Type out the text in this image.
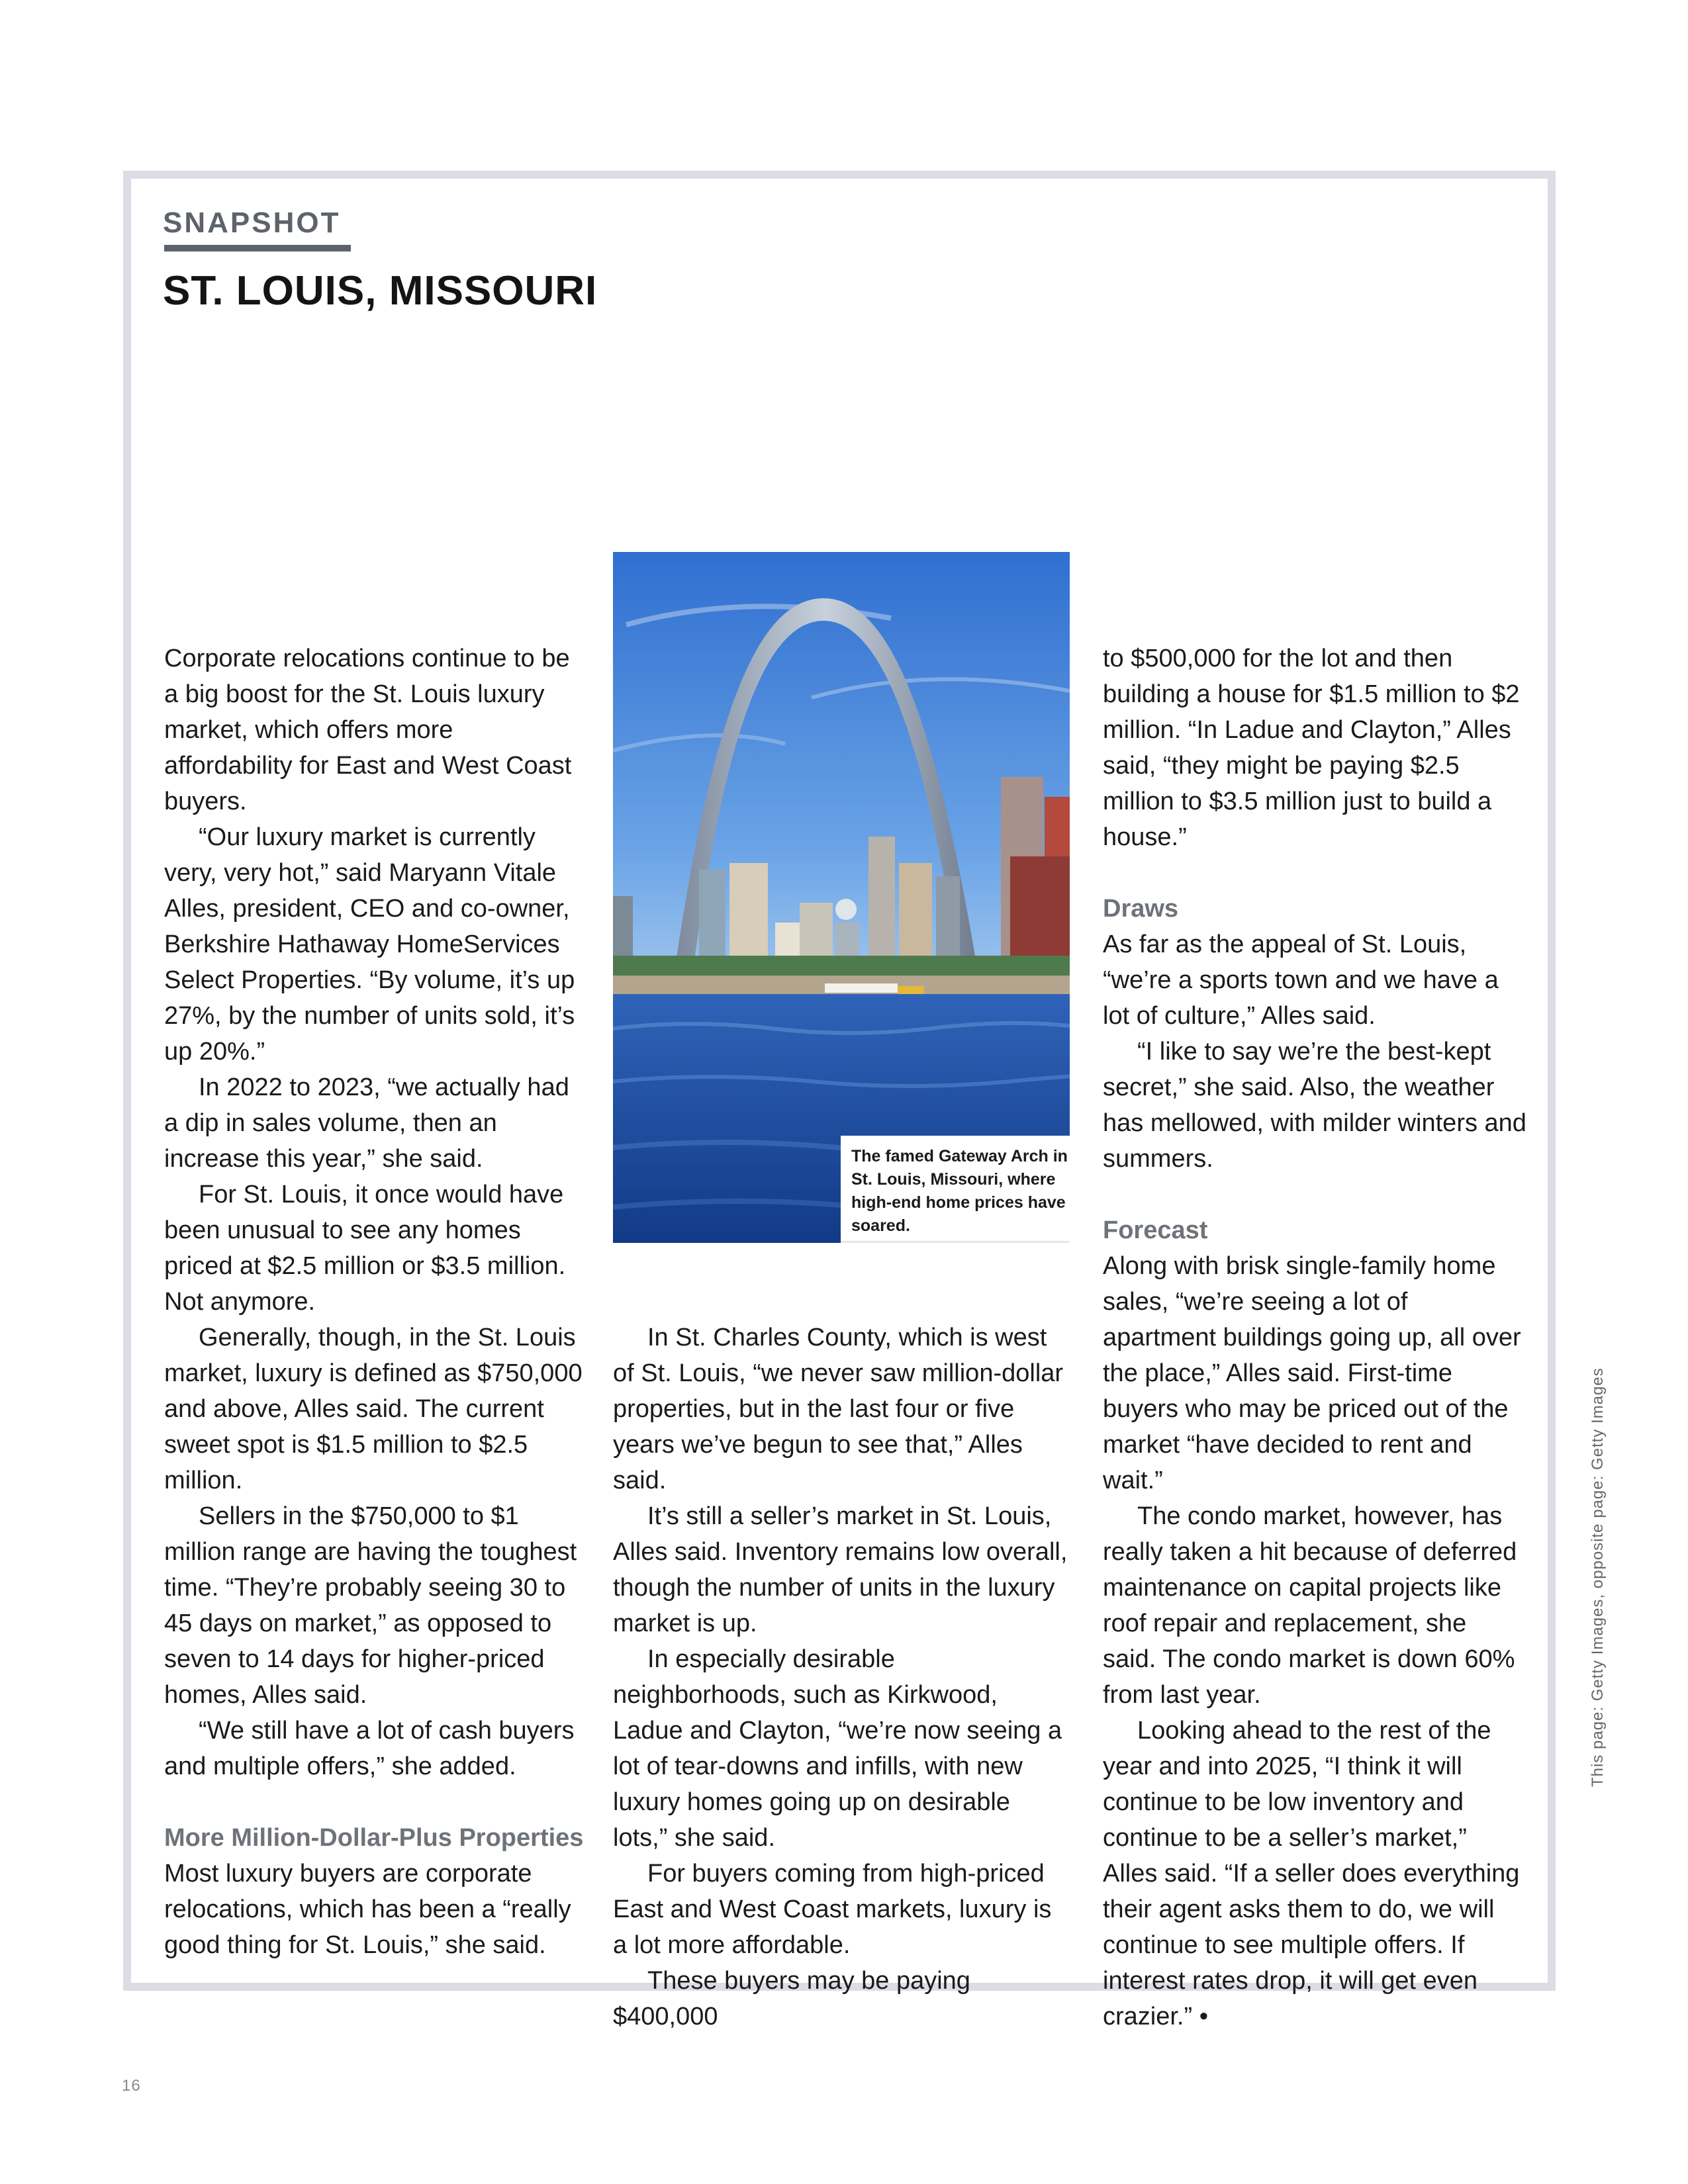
SNAPSHOT
ST. LOUIS, MISSOURI

The famed Gateway Arch in St. Louis, Missouri, where high-end home prices have soared.

Corporate relocations continue to be a big boost for the St. Louis luxury market, which offers more affordability for East and West Coast buyers.

“Our luxury market is currently very, very hot,” said Maryann Vitale Alles, president, CEO and co-owner, Berkshire Hathaway HomeServices Select Properties. “By volume, it’s up 27%, by the number of units sold, it’s up 20%.”

In 2022 to 2023, “we actually had a dip in sales volume, then an increase this year,” she said.

For St. Louis, it once would have been unusual to see any homes priced at $2.5 million or $3.5 million. Not anymore.

Generally, though, in the St. Louis market, luxury is defined as $750,000 and above, Alles said. The current sweet spot is $1.5 million to $2.5 million.

Sellers in the $750,000 to $1 million range are having the toughest time. “They’re probably seeing 30 to 45 days on market,” as opposed to seven to 14 days for higher-priced homes, Alles said.

“We still have a lot of cash buyers and multiple offers,” she added.

More Million-Dollar-Plus Properties

Most luxury buyers are corporate relocations, which has been a “really good thing for St. Louis,” she said.

In St. Charles County, which is west of St. Louis, “we never saw million-dollar properties, but in the last four or five years we’ve begun to see that,” Alles said.

It’s still a seller’s market in St. Louis, Alles said. Inventory remains low overall, though the number of units in the luxury market is up.

In especially desirable neighborhoods, such as Kirkwood, Ladue and Clayton, “we’re now seeing a lot of tear-downs and infills, with new luxury homes going up on desirable lots,” she said.

For buyers coming from high-priced East and West Coast markets, luxury is a lot more affordable.

These buyers may be paying $400,000

to $500,000 for the lot and then building a house for $1.5 million to $2 million. “In Ladue and Clayton,” Alles said, “they might be paying $2.5 million to $3.5 million just to build a house.”

Draws

As far as the appeal of St. Louis, “we’re a sports town and we have a lot of culture,” Alles said.

“I like to say we’re the best-kept secret,” she said. Also, the weather has mellowed, with milder winters and summers.

Forecast

Along with brisk single-family home sales, “we’re seeing a lot of apartment buildings going up, all over the place,” Alles said. First-time buyers who may be priced out of the market “have decided to rent and wait.”

The condo market, however, has really taken a hit because of deferred maintenance on capital projects like roof repair and replacement, she said. The condo market is down 60% from last year.

Looking ahead to the rest of the year and into 2025, “I think it will continue to be low inventory and continue to be a seller’s market,” Alles said. “If a seller does everything their agent asks them to do, we will continue to see multiple offers. If interest rates drop, it will get even crazier.” •

This page: Getty Images, opposite page: Getty Images
16
